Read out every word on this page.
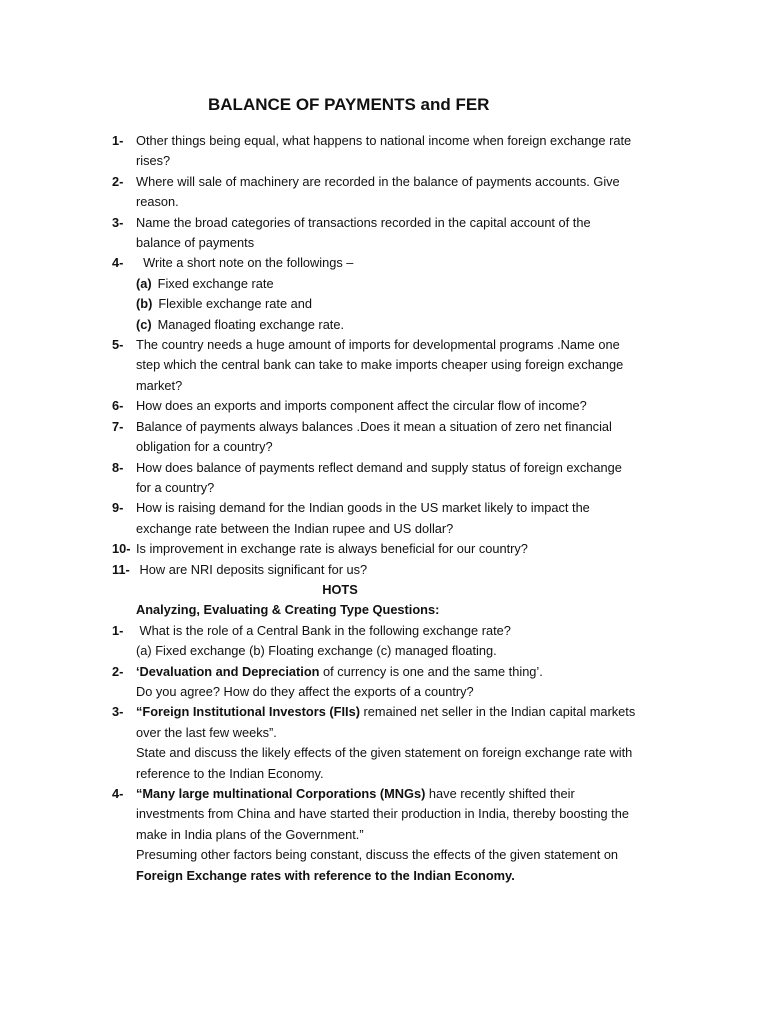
BALANCE OF PAYMENTS and FER
1- Other things being equal, what happens to national income when foreign exchange rate
rises?
2- Where will sale of machinery are recorded in the balance of payments accounts. Give
reason.
3- Name the broad categories of transactions recorded in the capital account of the
balance of payments
4- Write a short note on the followings –
(a) Fixed exchange rate
(b) Flexible exchange rate and
(c) Managed floating exchange rate.
5- The country needs a huge amount of imports for developmental programs .Name one
step which the central bank can take to make imports cheaper using foreign exchange
market?
6- How does an exports and imports component affect the circular flow of income?
7- Balance of payments always balances .Does it mean a situation of zero net financial
obligation for a country?
8- How does balance of payments reflect demand and supply status of foreign exchange
for a country?
9- How is raising demand for the Indian goods in the US market likely to impact the
exchange rate between the Indian rupee and US dollar?
10- Is improvement in exchange rate is always beneficial for our country?
11- How are NRI deposits significant for us?
HOTS
Analyzing, Evaluating & Creating Type Questions:
1- What is the role of a Central Bank in the following exchange rate?
(a) Fixed exchange (b) Floating exchange (c) managed floating.
2- ‘Devaluation and Depreciation of currency is one and the same thing’.
Do you agree? How do they affect the exports of a country?
3- “Foreign Institutional Investors (FIIs) remained net seller in the Indian capital markets
over the last few weeks”.
State and discuss the likely effects of the given statement on foreign exchange rate with
reference to the Indian Economy.
4- “Many large multinational Corporations (MNGs) have recently shifted their
investments from China and have started their production in India, thereby boosting the
make in India plans of the Government.”
Presuming other factors being constant, discuss the effects of the given statement on
Foreign Exchange rates with reference to the Indian Economy.
